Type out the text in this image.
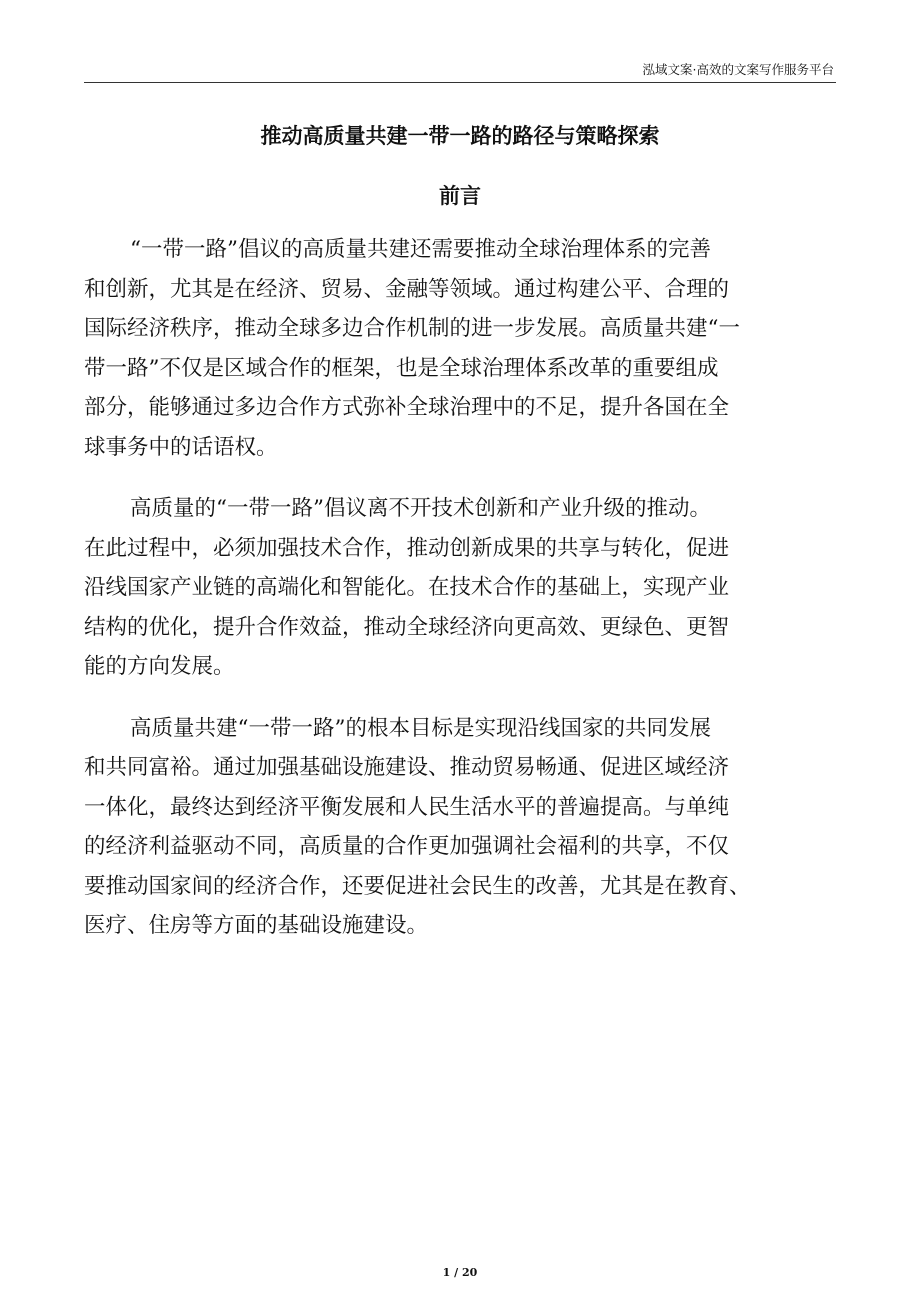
泓域文案·高效的文案写作服务平台
推动高质量共建一带一路的路径与策略探索
前言
“一带一路”倡议的高质量共建还需要推动全球治理体系的完善
和创新，尤其是在经济、贸易、金融等领域。通过构建公平、合理的
国际经济秩序，推动全球多边合作机制的进一步发展。高质量共建“一
带一路”不仅是区域合作的框架，也是全球治理体系改革的重要组成
部分，能够通过多边合作方式弥补全球治理中的不足，提升各国在全
球事务中的话语权。
高质量的“一带一路”倡议离不开技术创新和产业升级的推动。
在此过程中，必须加强技术合作，推动创新成果的共享与转化，促进
沿线国家产业链的高端化和智能化。在技术合作的基础上，实现产业
结构的优化，提升合作效益，推动全球经济向更高效、更绿色、更智
能的方向发展。
高质量共建“一带一路”的根本目标是实现沿线国家的共同发展
和共同富裕。通过加强基础设施建设、推动贸易畅通、促进区域经济
一体化，最终达到经济平衡发展和人民生活水平的普遍提高。与单纯
的经济利益驱动不同，高质量的合作更加强调社会福利的共享，不仅
要推动国家间的经济合作，还要促进社会民生的改善，尤其是在教育、
医疗、住房等方面的基础设施建设。
1 / 20
